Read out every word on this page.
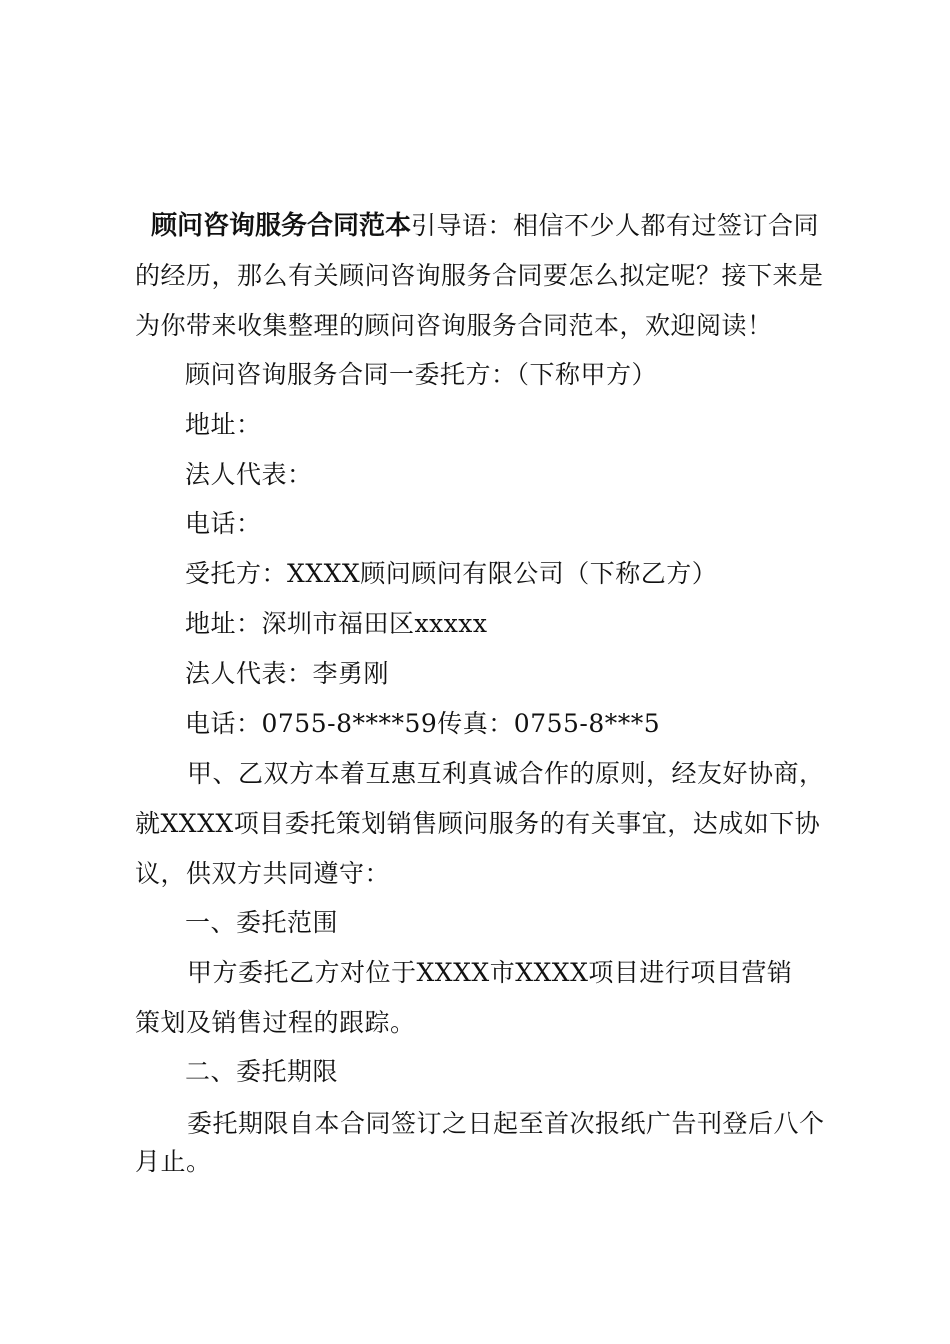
顾问咨询服务合同范本引导语：相信不少人都有过签订合同的经历，那么有关顾问咨询服务合同要怎么拟定呢？接下来是为你带来收集整理的顾问咨询服务合同范本，欢迎阅读！
顾问咨询服务合同一委托方：（下称甲方）
地址：
法人代表：
电话：
受托方：XXXX顾问顾问有限公司（下称乙方）
地址：深圳市福田区xxxxx
法人代表：李勇刚
电话：0755-8****59传真：0755-8***5
甲、乙双方本着互惠互利真诚合作的原则，经友好协商，就XXXX项目委托策划销售顾问服务的有关事宜，达成如下协议，供双方共同遵守：
一、委托范围
甲方委托乙方对位于XXXX市XXXX项目进行项目营销策划及销售过程的跟踪。
二、委托期限
委托期限自本合同签订之日起至首次报纸广告刊登后八个月止。
